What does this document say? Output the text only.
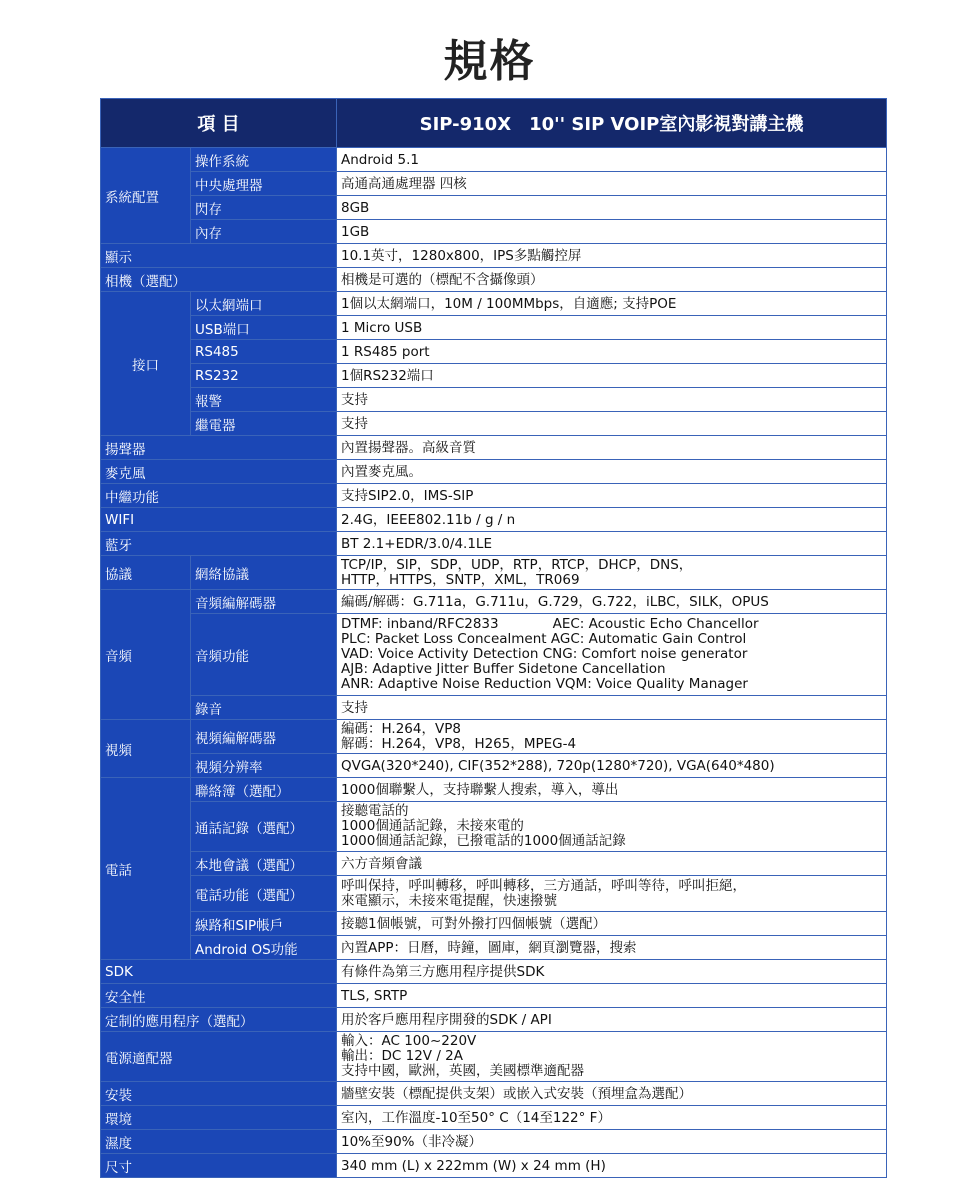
規格
項 目		SIP-910X　10'' SIP VOIP室內影視對講主機
系統配置	操作系統	Android 5.1
	中央處理器	高通高通處理器 四核
	閃存	8GB
	內存	1GB
顯示		10.1英寸，1280x800，IPS多點觸控屏
相機（選配）		相機是可選的（標配不含攝像頭）
接口	以太網端口	1個以太網端口，10M / 100MMbps，自適應; 支持POE
	USB端口	1 Micro USB
	RS485	1 RS485 port
	RS232	1個RS232端口
	報警	支持
	繼電器	支持
揚聲器		內置揚聲器。高級音質
麥克風		內置麥克風。
中繼功能		支持SIP2.0，IMS-SIP
WIFI		2.4G，IEEE802.11b / g / n
藍牙		BT 2.1+EDR/3.0/4.1LE
協議	網絡協議	TCP/IP，SIP，SDP，UDP，RTP，RTCP，DHCP，DNS，
HTTP，HTTPS，SNTP，XML，TR069

音頻	音頻編解碼器	編碼/解碼：G.711a，G.711u，G.729，G.722，iLBC，SILK，OPUS
	音頻功能	DTMF: inband/RFC2833　　　　AEC: Acoustic Echo Chancellor
PLC: Packet Loss Concealment AGC: Automatic Gain Control
VAD: Voice Activity Detection CNG: Comfort noise generator
AJB: Adaptive Jitter Buffer Sidetone Cancellation
ANR: Adaptive Noise Reduction VQM: Voice Quality Manager

	錄音	支持
視頻	視頻編解碼器	編碼：H.264，VP8
解碼：H.264，VP8，H265，MPEG-4

	視頻分辨率	QVGA(320*240), CIF(352*288), 720p(1280*720), VGA(640*480)
電話	聯絡簿（選配）	1000個聯繫人，支持聯繫人搜索，導入，導出
	通話記錄（選配）	接聽電話的
1000個通話記錄，未接來電的
1000個通話記錄，已撥電話的1000個通話記錄

	本地會議（選配）	六方音頻會議
	電話功能（選配）	呼叫保持，呼叫轉移，呼叫轉移，三方通話，呼叫等待，呼叫拒絕，
來電顯示，未接來電提醒，快速撥號

	線路和SIP帳戶	接聽1個帳號，可對外撥打四個帳號（選配）
	Android OS功能	內置APP：日曆，時鐘，圖庫，網頁瀏覽器，搜索
SDK		有條件為第三方應用程序提供SDK
安全性		TLS, SRTP
定制的應用程序（選配）		用於客戶應用程序開發的SDK / API
電源適配器		輸入：AC 100~220V
輸出：DC 12V / 2A
支持中國，歐洲，英國，美國標準適配器

安裝		牆壁安裝（標配提供支架）或嵌入式安裝（預埋盒為選配）
環境		室內，工作溫度-10至50° C（14至122° F）
濕度		10%至90%（非冷凝）
尺寸		340 mm (L) x 222mm (W) x 24 mm (H)
